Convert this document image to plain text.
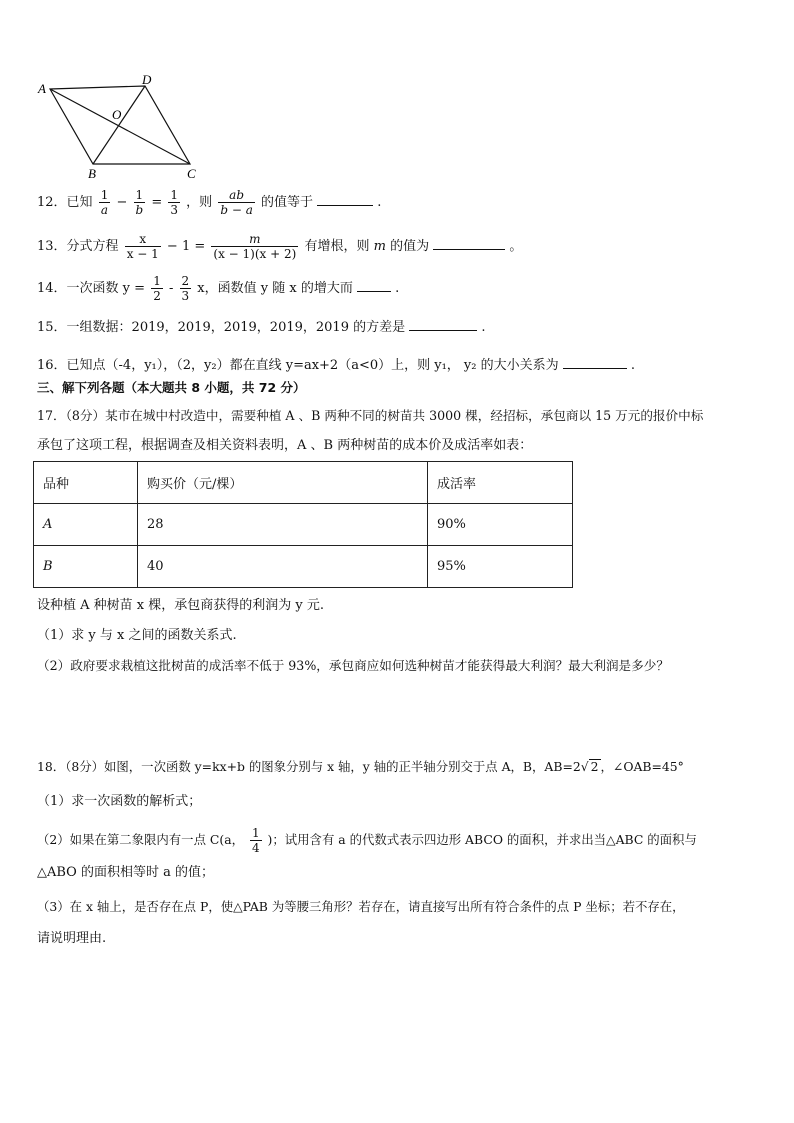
A
D
O
B	C
12．已知 $\frac{1}{a} - \frac{1}{b} = \frac{1}{3}$ ，则 $\frac{ab}{b - a}$ 的值等于	.
13．分式方程 $\frac{x}{x - 1} - 1 = \frac{m}{(x - 1)(x + 2)}$ 有增根，则 m 的值为	。
14．一次函数 $y = \frac{1}{2} - \frac{2}{3}$ x，函数值 y 随 x 的增大而	.
15．一组数据：2019，2019，2019，2019，2019 的方差是	.
16．已知点（-4，y₁），（2，y₂）都在直线 y=ax+2（a<0）上，则 y₁， y₂ 的大小关系为	.
三、解下列各题（本大题共 8 小题，共 72 分）
17．（8分）某市在城中村改造中，需要种植 A 、B 两种不同的树苗共 3000 棵，经招标，承包商以 15 万元的报价中标
承包了这项工程，根据调查及相关资料表明，A 、B 两种树苗的成本价及成活率如表：
品种	购买价（元/棵）	成活率
A	28	90%
B	40	95%
设种植 A 种树苗 x 棵，承包商获得的利润为 y 元.
（1）求 y 与 x 之间的函数关系式.
（2）政府要求栽植这批树苗的成活率不低于 93%，承包商应如何选种树苗才能获得最大利润？最大利润是多少？
18．（8分）如图，一次函数 y=kx+b 的图象分别与 x 轴，y 轴的正半轴分别交于点 A，B，AB=2√ 2 ，∠OAB=45°
（1）求一次函数的解析式；
（2）如果在第二象限内有一点 C(a， $\frac{1}{4}$ )；试用含有 a 的代数式表示四边形 ABCO 的面积，并求出当△ABC 的面积与
△ABO 的面积相等时 a 的值；
（3）在 x 轴上，是否存在点 P，使△PAB 为等腰三角形？若存在，请直接写出所有符合条件的点 P 坐标；若不存在，
请说明理由.
